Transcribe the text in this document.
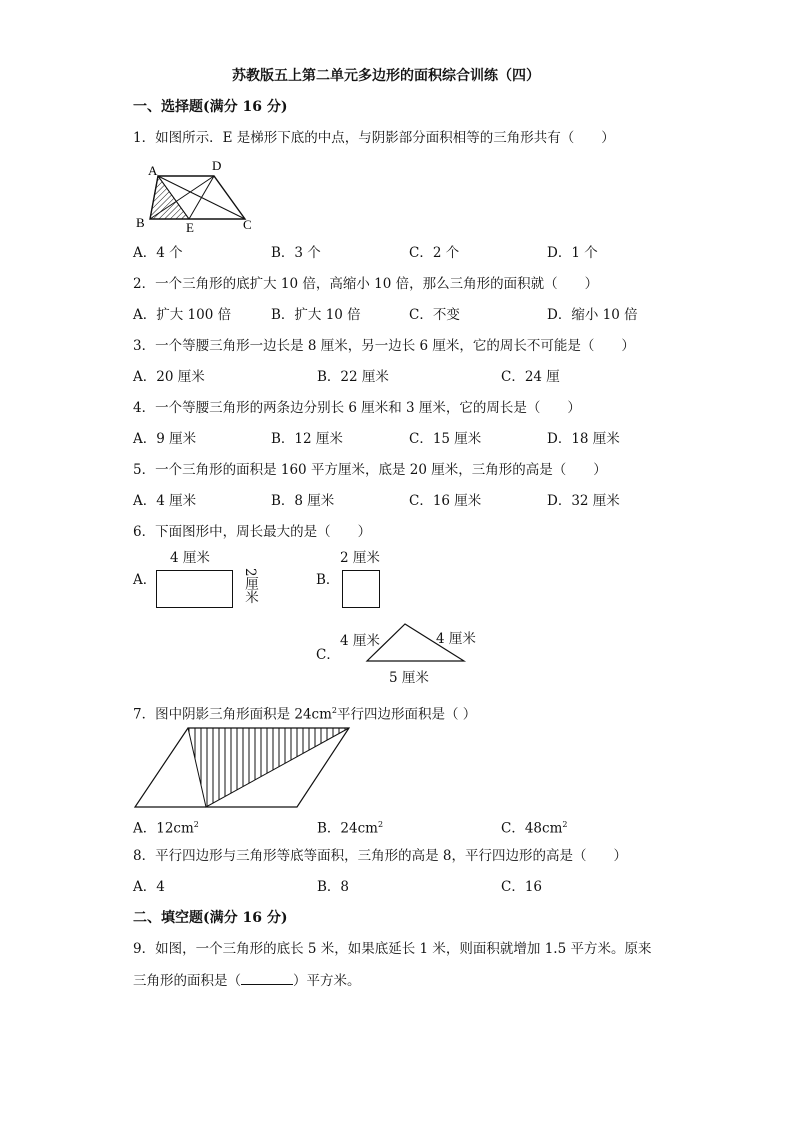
苏教版五上第二单元多边形的面积综合训练（四）
一、选择题(满分 16 分)
1．如图所示．E 是梯形下底的中点，与阴影部分面积相等的三角形共有（　　）
A	D
B	E	C
A．4 个	B．3 个	C．2 个	D．1 个
2．一个三角形的底扩大 10 倍，高缩小 10 倍，那么三角形的面积就（　　）
A．扩大 100 倍	B．扩大 10 倍	C．不变	D．缩小 10 倍
3．一个等腰三角形一边长是 8 厘米，另一边长 6 厘米，它的周长不可能是（　　）
A．20 厘米	B．22 厘米	C．24 厘
4．一个等腰三角形的两条边分别长 6 厘米和 3 厘米，它的周长是（　　）
A．9 厘米	B．12 厘米	C．15 厘米	D．18 厘米
5．一个三角形的面积是 160 平方厘米，底是 20 厘米，三角形的高是（　　）
A．4 厘米	B．8 厘米	C．16 厘米	D．32 厘米
6．下面图形中，周长最大的是（　　）
A．
4 厘米
2厘米	B．
2 厘米
C．
4 厘米	4 厘米
5 厘米
7．图中阴影三角形面积是 $24cm^2$平行四边形面积是（ ）
A．$12cm^2$	B．$24cm^2$	C．$48cm^2$
8．平行四边形与三角形等底等面积，三角形的高是 8，平行四边形的高是（　　）
A．4	B．8	C．16
二、填空题(满分 16 分)
9．如图，一个三角形的底长 5 米，如果底延长 1 米，则面积就增加 1.5 平方米。原来
三角形的面积是（	）平方米。
